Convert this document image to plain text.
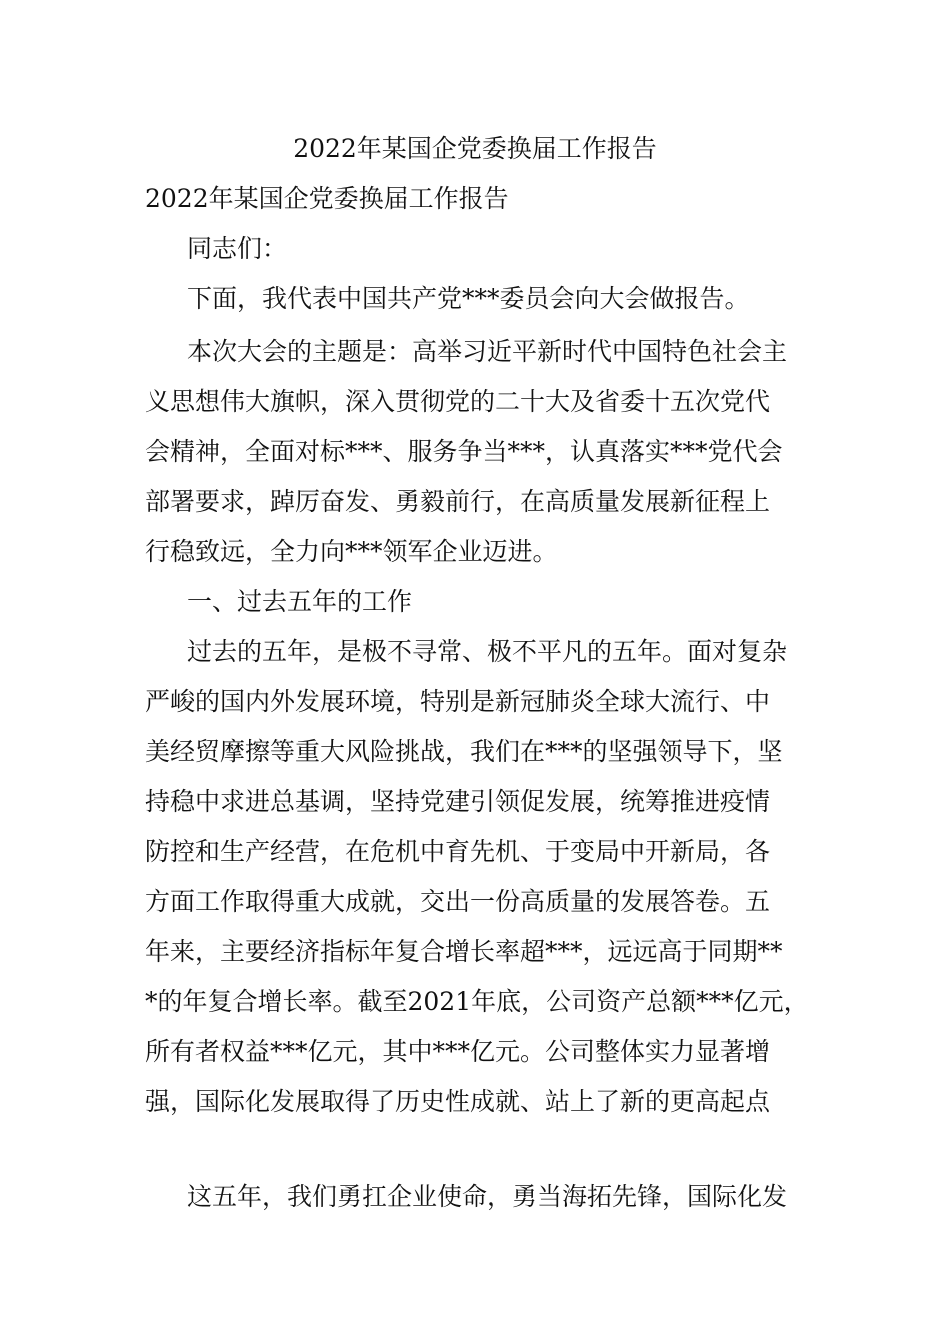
2022年某国企党委换届工作报告
2022年某国企党委换届工作报告
同志们：
下面，我代表中国共产党***委员会向大会做报告。
本次大会的主题是：高举习近平新时代中国特色社会主
义思想伟大旗帜，深入贯彻党的二十大及省委十五次党代
会精神，全面对标***、服务争当***，认真落实***党代会
部署要求，踔厉奋发、勇毅前行，在高质量发展新征程上
行稳致远，全力向***领军企业迈进。
一、过去五年的工作
过去的五年，是极不寻常、极不平凡的五年。面对复杂
严峻的国内外发展环境，特别是新冠肺炎全球大流行、中
美经贸摩擦等重大风险挑战，我们在***的坚强领导下，坚
持稳中求进总基调，坚持党建引领促发展，统筹推进疫情
防控和生产经营，在危机中育先机、于变局中开新局，各
方面工作取得重大成就，交出一份高质量的发展答卷。五
年来，主要经济指标年复合增长率超***，远远高于同期**
*的年复合增长率。截至2021年底，公司资产总额***亿元，
所有者权益***亿元，其中***亿元。公司整体实力显著增
强，国际化发展取得了历史性成就、站上了新的更高起点
这五年，我们勇扛企业使命，勇当海拓先锋，国际化发
